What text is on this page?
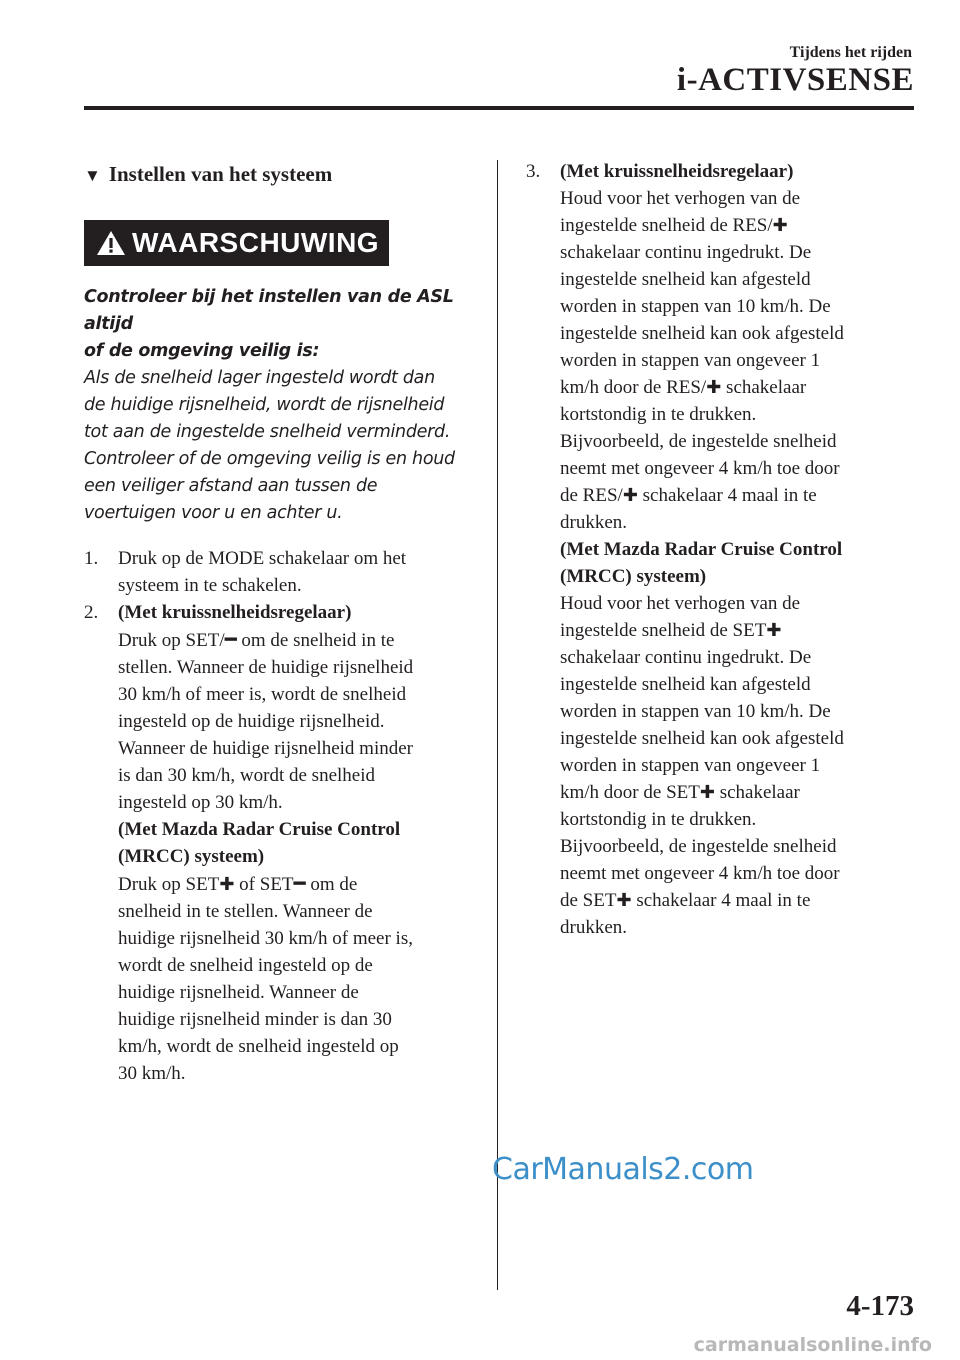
Tijdens het rijden
i-ACTIVSENSE
▼ Instellen van het systeem
WAARSCHUWING
Controleer bij het instellen van de ASL altijd
of de omgeving veilig is:
Als de snelheid lager ingesteld wordt dan
de huidige rijsnelheid, wordt de rijsnelheid
tot aan de ingestelde snelheid verminderd.
Controleer of de omgeving veilig is en houd
een veiliger afstand aan tussen de
voertuigen voor u en achter u.
1. Druk op de MODE schakelaar om het
systeem in te schakelen.
2. (Met kruissnelheidsregelaar)
Druk op SET/━ om de snelheid in te
stellen. Wanneer de huidige rijsnelheid
30 km/h of meer is, wordt de snelheid
ingesteld op de huidige rijsnelheid.
Wanneer de huidige rijsnelheid minder
is dan 30 km/h, wordt de snelheid
ingesteld op 30 km/h.
(Met Mazda Radar Cruise Control
(MRCC) systeem)
Druk op SET✚ of SET━ om de
snelheid in te stellen. Wanneer de
huidige rijsnelheid 30 km/h of meer is,
wordt de snelheid ingesteld op de
huidige rijsnelheid. Wanneer de
huidige rijsnelheid minder is dan 30
km/h, wordt de snelheid ingesteld op
30 km/h.
3. (Met kruissnelheidsregelaar)
Houd voor het verhogen van de
ingestelde snelheid de RES/✚
schakelaar continu ingedrukt. De
ingestelde snelheid kan afgesteld
worden in stappen van 10 km/h. De
ingestelde snelheid kan ook afgesteld
worden in stappen van ongeveer 1
km/h door de RES/✚ schakelaar
kortstondig in te drukken.
Bijvoorbeeld, de ingestelde snelheid
neemt met ongeveer 4 km/h toe door
de RES/✚ schakelaar 4 maal in te
drukken.
(Met Mazda Radar Cruise Control
(MRCC) systeem)
Houd voor het verhogen van de
ingestelde snelheid de SET✚
schakelaar continu ingedrukt. De
ingestelde snelheid kan afgesteld
worden in stappen van 10 km/h. De
ingestelde snelheid kan ook afgesteld
worden in stappen van ongeveer 1
km/h door de SET✚ schakelaar
kortstondig in te drukken.
Bijvoorbeeld, de ingestelde snelheid
neemt met ongeveer 4 km/h toe door
de SET✚ schakelaar 4 maal in te
drukken.
CarManuals2.com
4-173
carmanualsonline.info
